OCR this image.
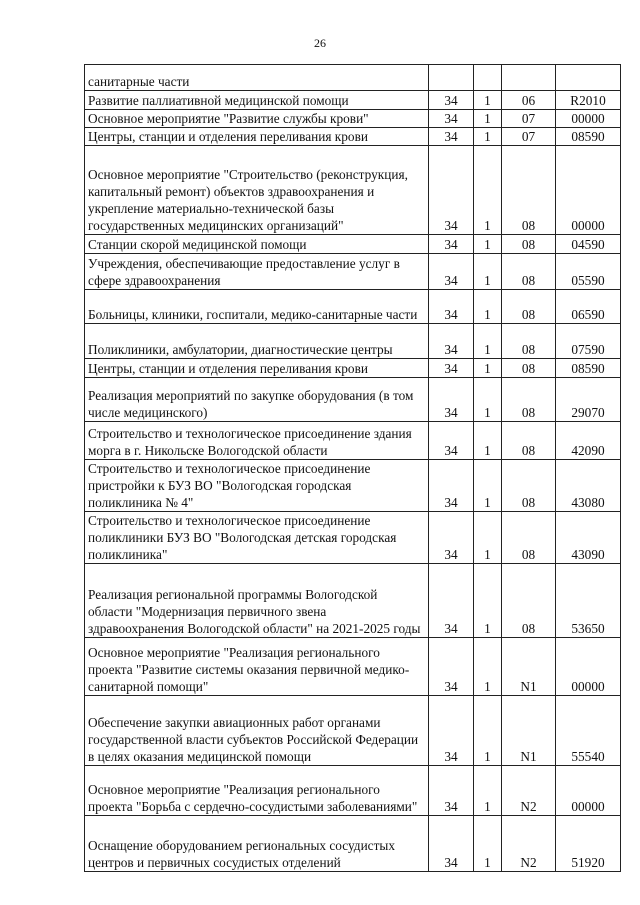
26
санитарные части				
Развитие паллиативной медицинской помощи	34	1	06	R2010
Основное мероприятие "Развитие службы крови"	34	1	07	00000
Центры, станции и отделения переливания крови	34	1	07	08590
Основное мероприятие "Строительство (реконструкция, капитальный ремонт) объектов здравоохранения и укрепление материально-технической базы государственных медицинских организаций"	34	1	08	00000
Станции скорой медицинской помощи	34	1	08	04590
Учреждения, обеспечивающие предоставление услуг в сфере здравоохранения	34	1	08	05590
Больницы, клиники, госпитали, медико-санитарные части	34	1	08	06590
Поликлиники, амбулатории, диагностические центры	34	1	08	07590
Центры, станции и отделения переливания крови	34	1	08	08590
Реализация мероприятий по закупке оборудования (в том числе медицинского)	34	1	08	29070
Строительство и технологическое присоединение здания морга в г. Никольске Вологодской области	34	1	08	42090
Строительство и технологическое присоединение пристройки к БУЗ ВО "Вологодская городская поликлиника № 4"	34	1	08	43080
Строительство и технологическое присоединение поликлиники БУЗ ВО "Вологодская детская городская поликлиника"	34	1	08	43090
Реализация региональной программы Вологодской области "Модернизация первичного звена здравоохранения Вологодской области" на 2021-2025 годы	34	1	08	53650
Основное мероприятие "Реализация регионального проекта "Развитие системы оказания первичной медико-санитарной помощи"	34	1	N1	00000
Обеспечение закупки авиационных работ органами государственной власти субъектов Российской Федерации в целях оказания медицинской помощи	34	1	N1	55540
Основное мероприятие "Реализация регионального проекта "Борьба с сердечно-сосудистыми заболеваниями"	34	1	N2	00000
Оснащение оборудованием региональных сосудистых центров и первичных сосудистых отделений	34	1	N2	51920
